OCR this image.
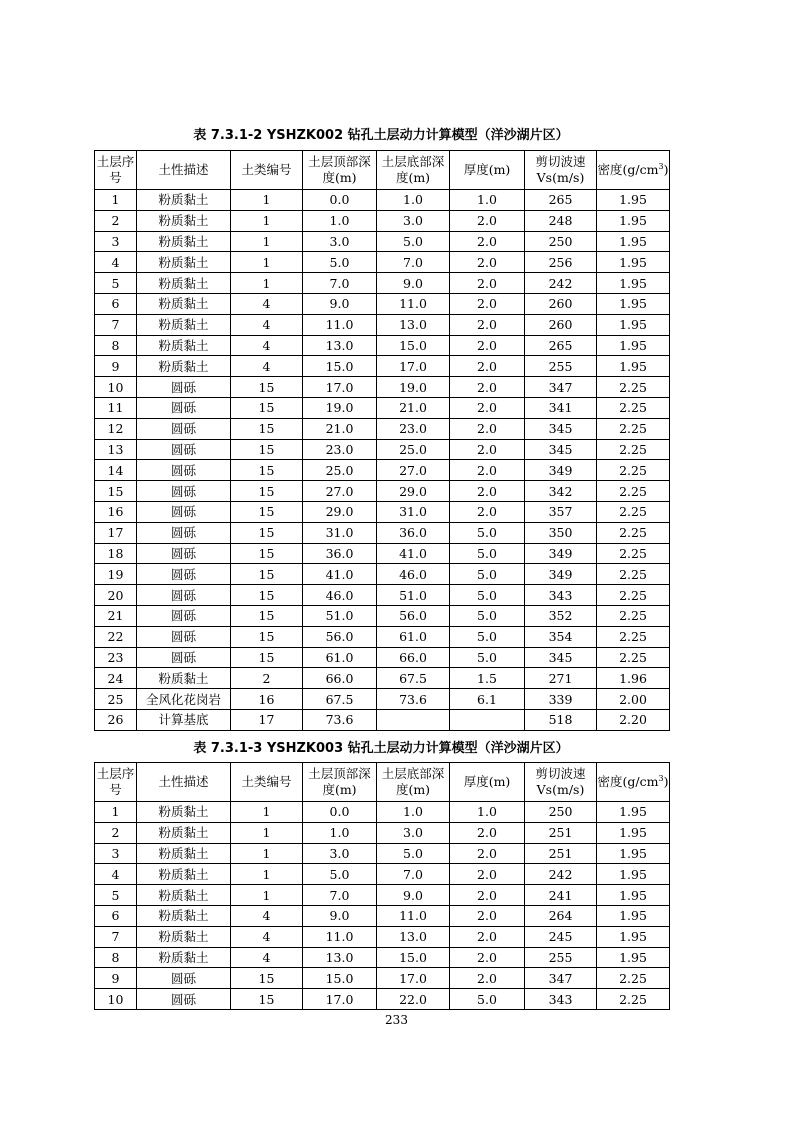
表 7.3.1-2 YSHZK002 钻孔土层动力计算模型（洋沙湖片区）
土层序号	土性描述	土类编号	土层顶部深度(m)	土层底部深度(m)	厚度(m)	剪切波速Vs(m/s)	密度$(g/cm^3)$
1	粉质黏土	1	0.0	1.0	1.0	265	1.95
2	粉质黏土	1	1.0	3.0	2.0	248	1.95
3	粉质黏土	1	3.0	5.0	2.0	250	1.95
4	粉质黏土	1	5.0	7.0	2.0	256	1.95
5	粉质黏土	1	7.0	9.0	2.0	242	1.95
6	粉质黏土	4	9.0	11.0	2.0	260	1.95
7	粉质黏土	4	11.0	13.0	2.0	260	1.95
8	粉质黏土	4	13.0	15.0	2.0	265	1.95
9	粉质黏土	4	15.0	17.0	2.0	255	1.95
10	圆砾	15	17.0	19.0	2.0	347	2.25
11	圆砾	15	19.0	21.0	2.0	341	2.25
12	圆砾	15	21.0	23.0	2.0	345	2.25
13	圆砾	15	23.0	25.0	2.0	345	2.25
14	圆砾	15	25.0	27.0	2.0	349	2.25
15	圆砾	15	27.0	29.0	2.0	342	2.25
16	圆砾	15	29.0	31.0	2.0	357	2.25
17	圆砾	15	31.0	36.0	5.0	350	2.25
18	圆砾	15	36.0	41.0	5.0	349	2.25
19	圆砾	15	41.0	46.0	5.0	349	2.25
20	圆砾	15	46.0	51.0	5.0	343	2.25
21	圆砾	15	51.0	56.0	5.0	352	2.25
22	圆砾	15	56.0	61.0	5.0	354	2.25
23	圆砾	15	61.0	66.0	5.0	345	2.25
24	粉质黏土	2	66.0	67.5	1.5	271	1.96
25	全风化花岗岩	16	67.5	73.6	6.1	339	2.00
26	计算基底	17	73.6			518	2.20
表 7.3.1-3 YSHZK003 钻孔土层动力计算模型（洋沙湖片区）
土层序号	土性描述	土类编号	土层顶部深度(m)	土层底部深度(m)	厚度(m)	剪切波速Vs(m/s)	密度$(g/cm^3)$
1	粉质黏土	1	0.0	1.0	1.0	250	1.95
2	粉质黏土	1	1.0	3.0	2.0	251	1.95
3	粉质黏土	1	3.0	5.0	2.0	251	1.95
4	粉质黏土	1	5.0	7.0	2.0	242	1.95
5	粉质黏土	1	7.0	9.0	2.0	241	1.95
6	粉质黏土	4	9.0	11.0	2.0	264	1.95
7	粉质黏土	4	11.0	13.0	2.0	245	1.95
8	粉质黏土	4	13.0	15.0	2.0	255	1.95
9	圆砾	15	15.0	17.0	2.0	347	2.25
10	圆砾	15	17.0	22.0	5.0	343	2.25
233
